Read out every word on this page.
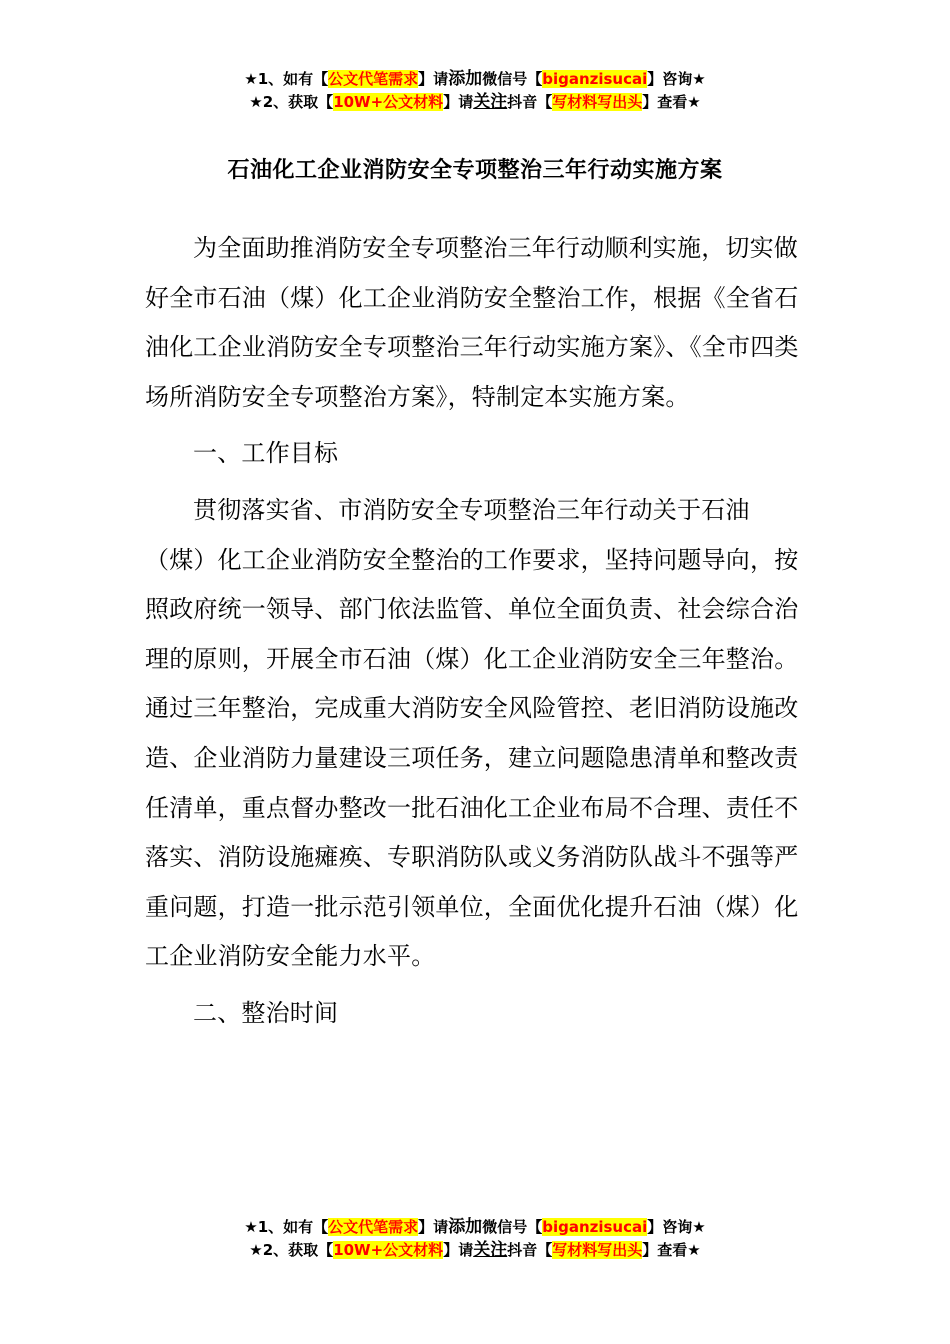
★1、如有【公文代笔需求】请添加微信号【biganzisucai】咨询★
★2、获取【10W+公文材料】请关注抖音【写材料写出头】查看★
石油化工企业消防安全专项整治三年行动实施方案

为全面助推消防安全专项整治三年行动顺利实施，切实做好全市石油（煤）化工企业消防安全整治工作，根据《全省石油化工企业消防安全专项整治三年行动实施方案》、《全市四类场所消防安全专项整治方案》，特制定本实施方案。

一、工作目标

贯彻落实省、市消防安全专项整治三年行动关于石油（煤）化工企业消防安全整治的工作要求，坚持问题导向，按照政府统一领导、部门依法监管、单位全面负责、社会综合治理的原则，开展全市石油（煤）化工企业消防安全三年整治。通过三年整治，完成重大消防安全风险管控、老旧消防设施改造、企业消防力量建设三项任务，建立问题隐患清单和整改责任清单，重点督办整改一批石油化工企业布局不合理、责任不落实、消防设施瘫痪、专职消防队或义务消防队战斗不强等严重问题，打造一批示范引领单位，全面优化提升石油（煤）化工企业消防安全能力水平。

二、整治时间

★1、如有【公文代笔需求】请添加微信号【biganzisucai】咨询★
★2、获取【10W+公文材料】请关注抖音【写材料写出头】查看★
